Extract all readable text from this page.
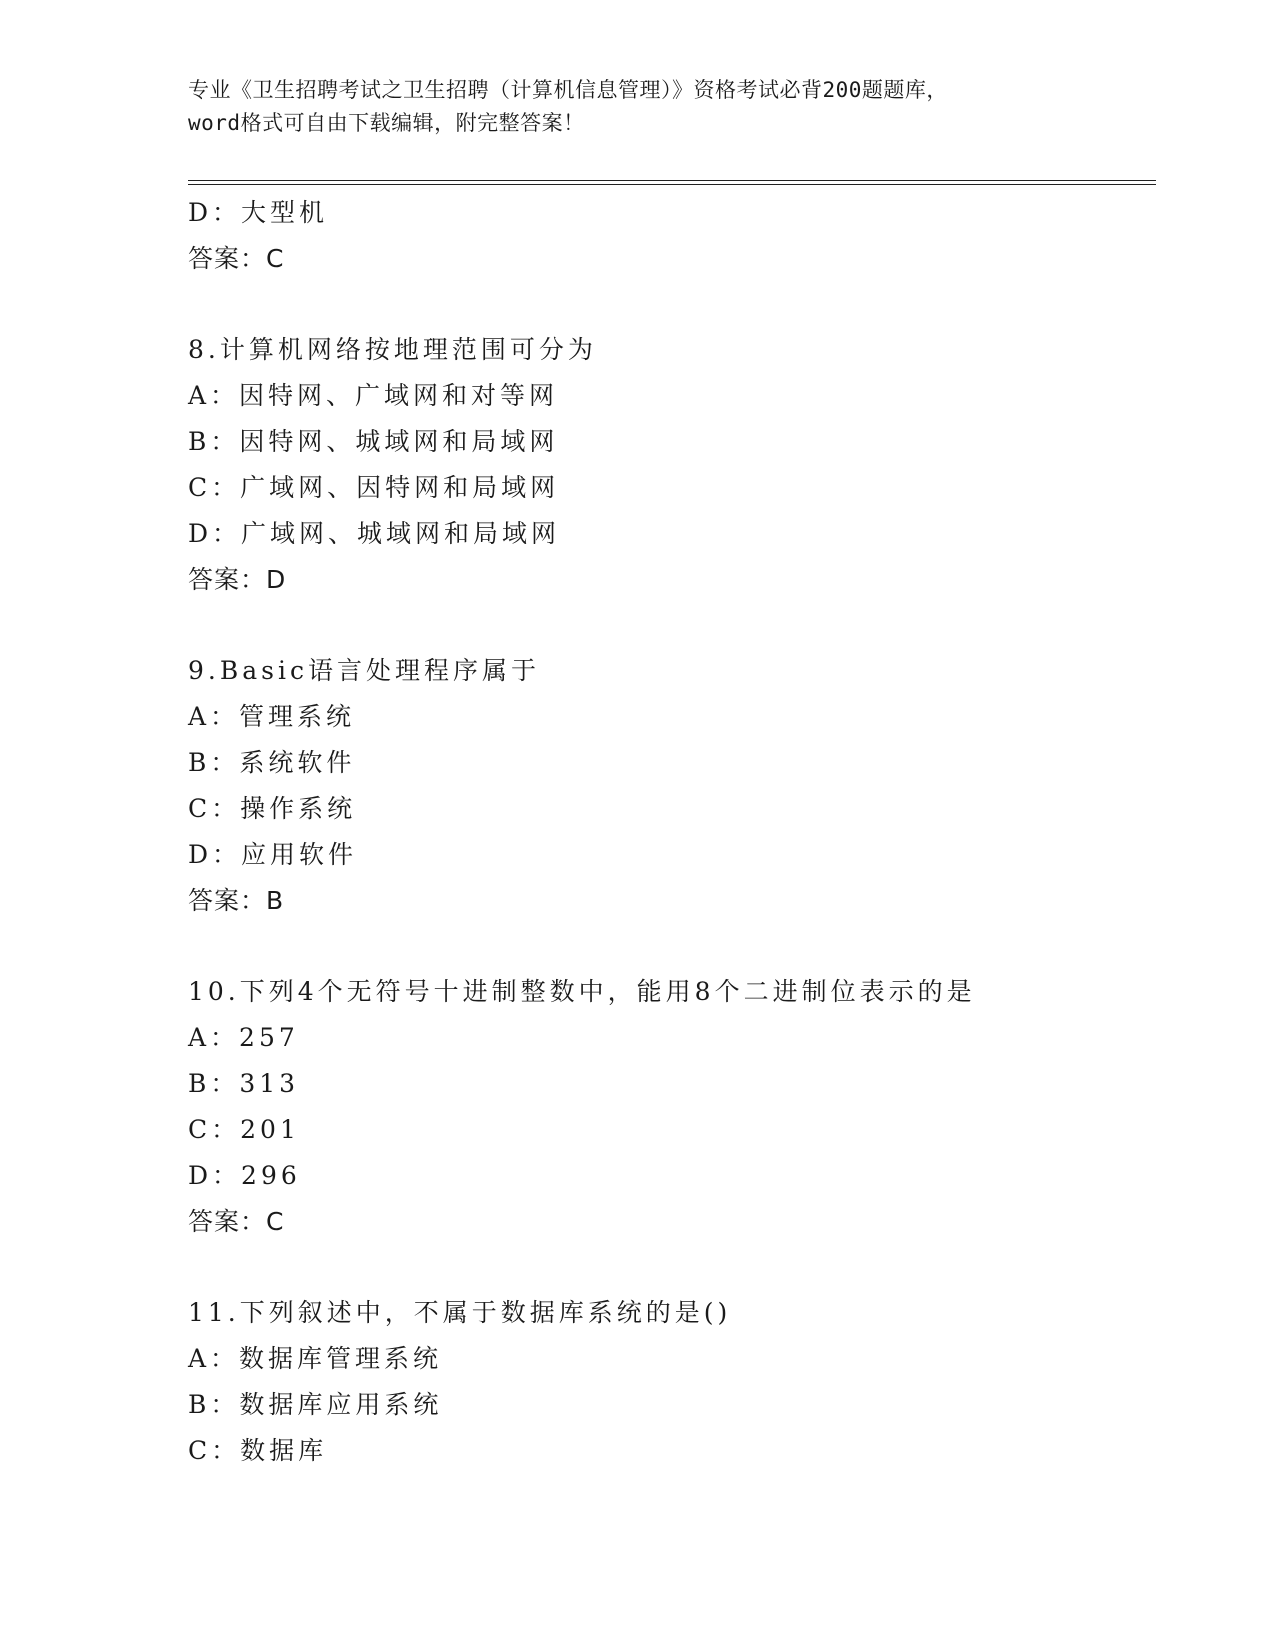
专业《卫生招聘考试之卫生招聘（计算机信息管理）》资格考试必背200题题库，
word格式可自由下载编辑，附完整答案！
D：大型机
答案：C
8.计算机网络按地理范围可分为
A：因特网、广域网和对等网
B：因特网、城域网和局域网
C：广域网、因特网和局域网
D：广域网、城域网和局域网
答案：D
9.Basic语言处理程序属于
A：管理系统
B：系统软件
C：操作系统
D：应用软件
答案：B
10.下列4个无符号十进制整数中，能用8个二进制位表示的是
A：257
B：313
C：201
D：296
答案：C
11.下列叙述中，不属于数据库系统的是()
A：数据库管理系统
B：数据库应用系统
C：数据库
